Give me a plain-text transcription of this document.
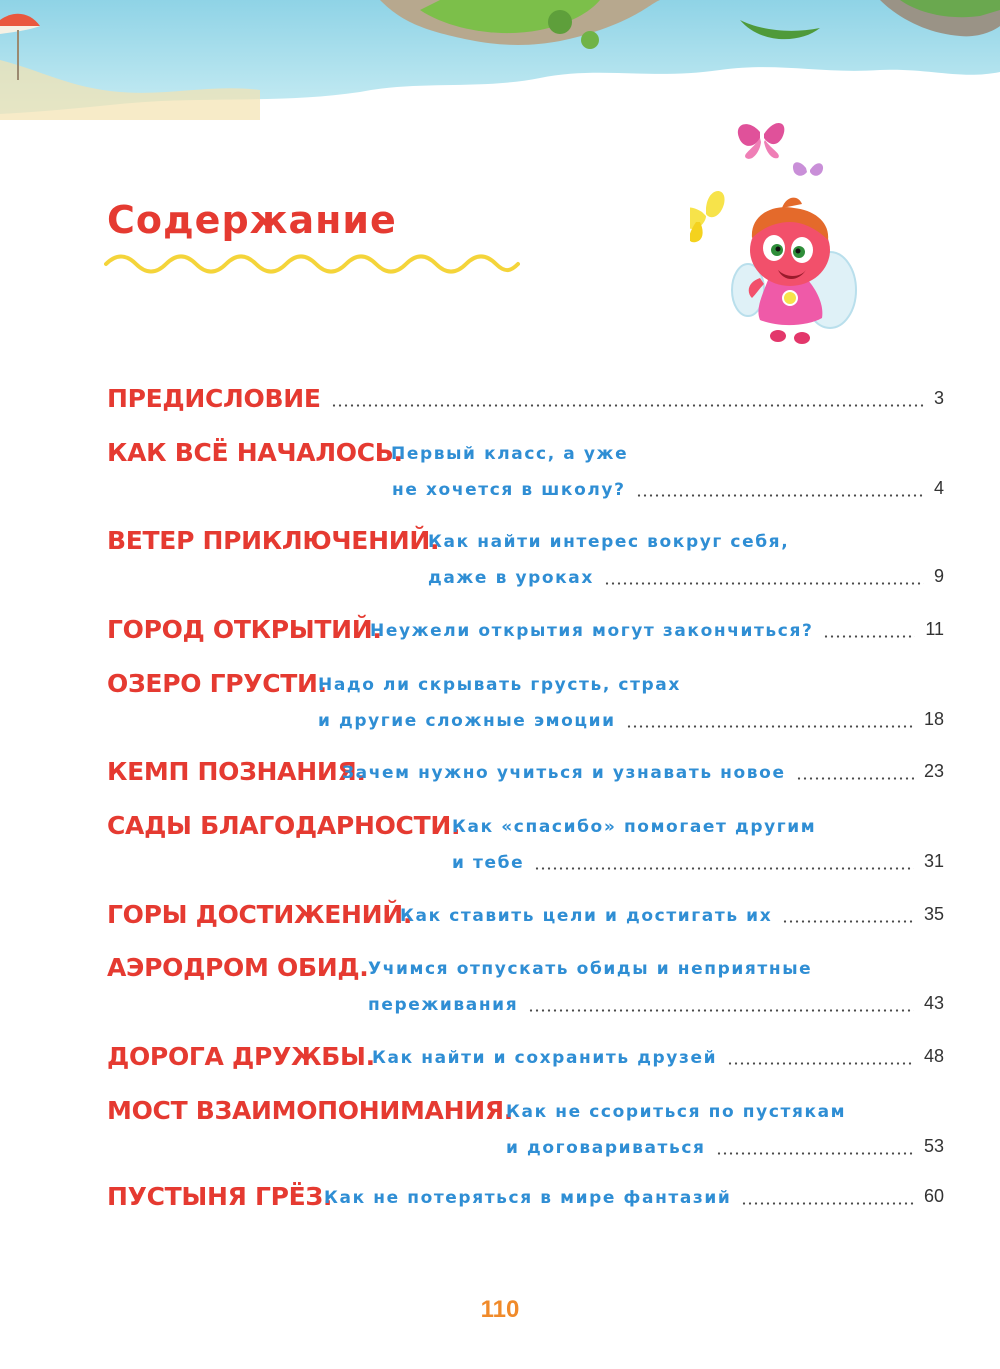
Содержание
ПРЕДИСЛОВИЕ	3
КАК ВСЁ НАЧАЛОСЬ.
Первый класс, а уже
не хочется в школу?	4
ВЕТЕР ПРИКЛЮЧЕНИЙ.
Как найти интерес вокруг себя,
даже в уроках	9
ГОРОД ОТКРЫТИЙ.
Неужели открытия могут закончиться?	11
ОЗЕРО ГРУСТИ.
Надо ли скрывать грусть, страх
и другие сложные эмоции	18
КЕМП ПОЗНАНИЯ.
Зачем нужно учиться и узнавать новое	23
САДЫ БЛАГОДАРНОСТИ.
Как «спасибо» помогает другим
и тебе	31
ГОРЫ ДОСТИЖЕНИЙ.
Как ставить цели и достигать их	35
АЭРОДРОМ ОБИД. Учимся отпускать обиды и неприятные
переживания	43
ДОРОГА ДРУЖБЫ.
Как найти и сохранить друзей	48
МОСТ ВЗАИМОПОНИМАНИЯ.
Как не ссориться по пустякам
и договариваться	53
ПУСТЫНЯ ГРЁЗ.
Как не потеряться в мире фантазий	60
110
